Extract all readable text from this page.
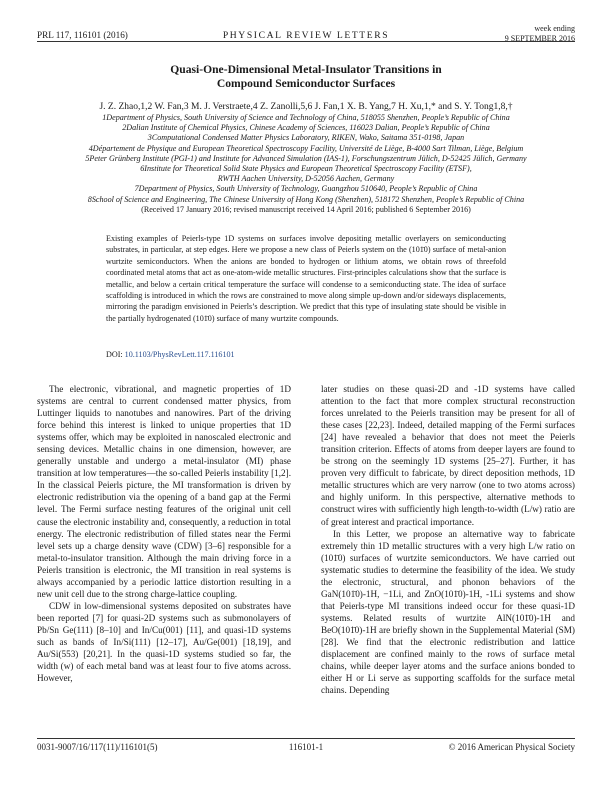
PRL 117, 116101 (2016)	PHYSICAL REVIEW LETTERS
week ending
9 SEPTEMBER 2016
Quasi-One-Dimensional Metal-Insulator Transitions in
Compound Semiconductor Surfaces
J. Z. Zhao,1,2 W. Fan,3 M. J. Verstraete,4 Z. Zanolli,5,6 J. Fan,1 X. B. Yang,7 H. Xu,1,* and S. Y. Tong1,8,†
1Department of Physics, South University of Science and Technology of China, 518055 Shenzhen, People’s Republic of China
2Dalian Institute of Chemical Physics, Chinese Academy of Sciences, 116023 Dalian, People’s Republic of China
3Computational Condensed Matter Physics Laboratory, RIKEN, Wako, Saitama 351-0198, Japan
4Département de Physique and European Theoretical Spectroscopy Facility, Université de Liège, B-4000 Sart Tilman, Liège, Belgium
5Peter Grünberg Institute (PGI-1) and Institute for Advanced Simulation (IAS-1), Forschungszentrum Jülich, D-52425 Jülich, Germany
6Institute for Theoretical Solid State Physics and European Theoretical Spectroscopy Facility (ETSF),
RWTH Aachen University, D-52056 Aachen, Germany
7Department of Physics, South University of Technology, Guangzhou 510640, People’s Republic of China
8School of Science and Engineering, The Chinese University of Hong Kong (Shenzhen), 518172 Shenzhen, People’s Republic of China
(Received 17 January 2016; revised manuscript received 14 April 2016; published 6 September 2016)

Existing examples of Peierls-type 1D systems on surfaces involve depositing metallic overlayers on semiconducting substrates, in particular, at step edges. Here we propose a new class of Peierls system on the (101̄0) surface of metal-anion wurtzite semiconductors. When the anions are bonded to hydrogen or lithium atoms, we obtain rows of threefold coordinated metal atoms that act as one-atom-wide metallic structures. First-principles calculations show that the surface is metallic, and below a certain critical temperature the surface will condense to a semiconducting state. The idea of surface scaffolding is introduced in which the rows are constrained to move along simple up-down and/or sideways displacements, mirroring the paradigm envisioned in Peierls’s description. We predict that this type of insulating state should be visible in the partially hydrogenated (101̄0) surface of many wurtzite compounds.

DOI: 10.1103/PhysRevLett.117.116101

The electronic, vibrational, and magnetic properties of 1D systems are central to current condensed matter physics, from Luttinger liquids to nanotubes and nanowires. Part of the driving force behind this interest is linked to unique properties that 1D systems offer, which may be exploited in nanoscaled electronic and sensing devices. Metallic chains in one dimension, however, are generally unstable and undergo a metal-insulator (MI) phase transition at low temperatures—the so-called Peierls instability [1,2]. In the classical Peierls picture, the MI transformation is driven by electronic redistribution via the opening of a band gap at the Fermi level. The Fermi surface nesting features of the original unit cell cause the electronic instability and, consequently, a reduction in total energy. The electronic redistribution of filled states near the Fermi level sets up a charge density wave (CDW) [3–6] responsible for a metal-to-insulator transition. Although the main driving force in a Peierls transition is electronic, the MI transition in real systems is always accompanied by a periodic lattice distortion resulting in a new unit cell due to the strong charge-lattice coupling.

CDW in low-dimensional systems deposited on substrates have been reported [7] for quasi-2D systems such as submonolayers of Pb/Sn Ge(111) [8–10] and In/Cu(001) [11], and quasi-1D systems such as bands of In/Si(111) [12–17], Au/Ge(001) [18,19], and Au/Si(553) [20,21]. In the quasi-1D systems studied so far, the width (w) of each metal band was at least four to five atoms across. However,

later studies on these quasi-2D and -1D systems have called attention to the fact that more complex structural reconstruction forces unrelated to the Peierls transition may be present for all of these cases [22,23]. Indeed, detailed mapping of the Fermi surfaces [24] have revealed a behavior that does not meet the Peierls transition criterion. Effects of atoms from deeper layers are found to be strong on the seemingly 1D systems [25–27]. Further, it has proven very difficult to fabricate, by direct deposition methods, 1D metallic structures which are very narrow (one to two atoms across) and highly uniform. In this perspective, alternative methods to construct wires with sufficiently high length-to-width (L/w) ratio are of great interest and practical importance.

In this Letter, we propose an alternative way to fabricate extremely thin 1D metallic structures with a very high L/w ratio on (101̄0) surfaces of wurtzite semiconductors. We have carried out systematic studies to determine the feasibility of the idea. We study the electronic, structural, and phonon behaviors of the GaN(101̄0)-1H, −1Li, and ZnO(101̄0)-1H, -1Li systems and show that Peierls-type MI transitions indeed occur for these quasi-1D systems. Related results of wurtzite AlN(101̄0)-1H and BeO(101̄0)-1H are briefly shown in the Supplemental Material (SM) [28]. We find that the electronic redistribution and lattice displacement are confined mainly to the rows of surface metal chains, while deeper layer atoms and the surface anions bonded to either H or Li serve as supporting scaffolds for the surface metal chains. Depending

0031-9007/16/117(11)/116101(5)	116101-1	© 2016 American Physical Society
